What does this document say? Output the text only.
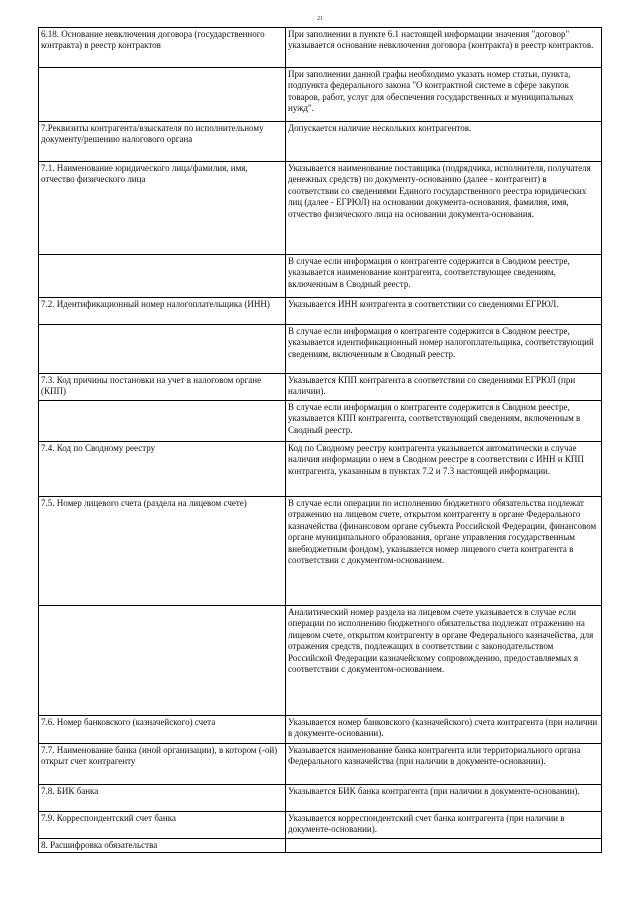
21
6.18. Основание невключения договора (государственного контракта) в реестр контрактов	При заполнении в пункте 6.1 настоящей информации значения "договор" указывается основание невключения договора (контракта) в реестр контрактов.
	При заполнении данной графы необходимо указать номер статьи, пункта, подпункта федерального закона "О контрактной системе в сфере закупок товаров, работ, услуг для обеспечения государственных и муниципальных нужд".
7.Реквизиты контрагента/взыскателя по исполнительному документу/решению налогового органа	Допускается наличие нескольких контрагентов.
7.1. Наименование юридического лица/фамилия, имя, отчество физического лица	Указывается наименование поставщика (подрядчика, исполнителя, получателя денежных средств) по документу-основанию (далее - контрагент) в соответствии со сведениями Единого государственного реестра юридических лиц (далее - ЕГРЮЛ) на основании документа-основания, фамилия, имя, отчество физического лица на основании документа-основания.
	В случае если информация о контрагенте содержится в Сводном реестре, указывается наименование контрагента, соответствующее сведениям, включенным в Сводный реестр.
7.2. Идентификационный номер налогоплательщика (ИНН)	Указывается ИНН контрагента в соответствии со сведениями ЕГРЮЛ.
	В случае если информация о контрагенте содержится в Сводном реестре, указывается идентификационный номер налогоплательщика, соответствующий сведениям, включенным в Сводный реестр.
7.3. Код причины постановки на учет в налоговом органе (КПП)	Указывается КПП контрагента в соответствии со сведениями ЕГРЮЛ (при наличии).
	В случае если информация о контрагенте содержится в Сводном реестре, указывается КПП контрагента, соответствующий сведениям, включенным в Сводный реестр.
7.4. Код по Сводному реестру	Код по Сводному реестру контрагента указывается автоматически в случае наличия информации о нем в Сводном реестре в соответствии с ИНН и КПП контрагента, указанным в пунктах 7.2 и 7.3 настоящей информации.
7.5. Номер лицевого счета (раздела на лицевом счете)	В случае если операции по исполнению бюджетного обязательства подлежат отражению на лицевом счете, открытом контрагенту в органе Федерального казначейства (финансовом органе субъекта Российской Федерации, финансовом органе муниципального образования, органе управления государственным внебюджетным фондом), указывается номер лицевого счета контрагента в соответствии с документом-основанием.
	Аналитический номер раздела на лицевом счете указывается в случае если операции по исполнению бюджетного обязательства подлежат отражению на лицевом счете, открытом контрагенту в органе Федерального казначейства, для отражения средств, подлежащих в соответствии с законодательством Российской Федерации казначейскому сопровождению, предоставляемых в соответствии с документом-основанием.
7.6. Номер банковского (казначейского) счета	Указывается номер банковского (казначейского) счета контрагента (при наличии в документе-основании).
7.7. Наименование банка (иной организации), в котором (-ой) открыт счет контрагенту	Указывается наименование банка контрагента или территориального органа Федерального казначейства (при наличии в документе-основании).
7.8. БИК банка	Указывается БИК банка контрагента (при наличии в документе-основании).
7.9. Корреспондентский счет банка	Указывается корреспондентский счет банка контрагента (при наличии в документе-основании).
8. Расшифровка обязательства	
